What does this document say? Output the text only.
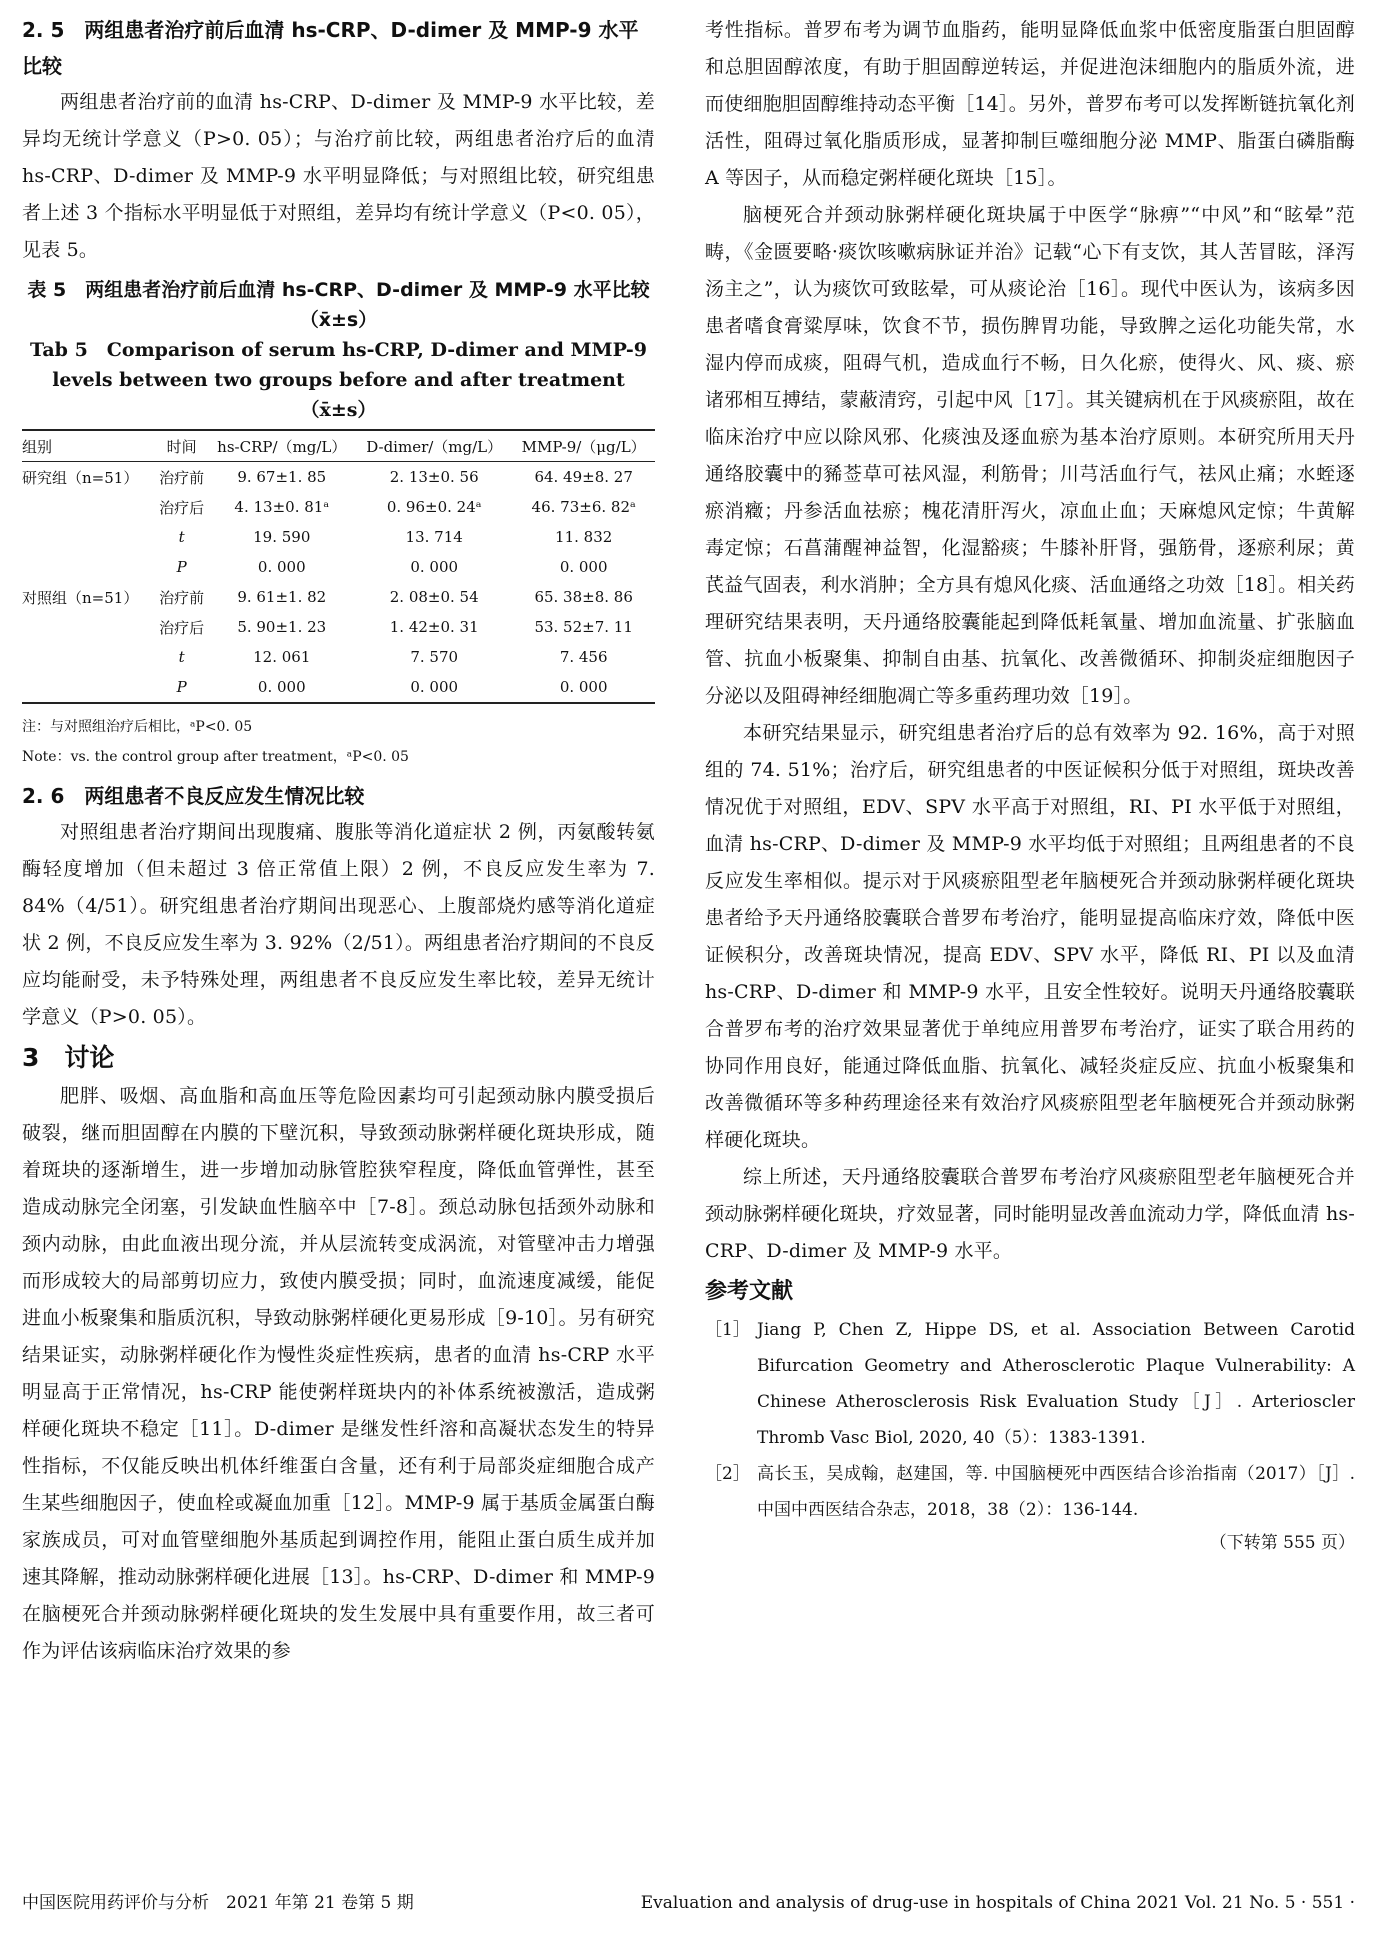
2. 5　两组患者治疗前后血清 hs-CRP、D-dimer 及 MMP-9 水平比较

两组患者治疗前的血清 hs-CRP、D-dimer 及 MMP-9 水平比较，差异均无统计学意义（P>0. 05）；与治疗前比较，两组患者治疗后的血清 hs-CRP、D-dimer 及 MMP-9 水平明显降低；与对照组比较，研究组患者上述 3 个指标水平明显低于对照组，差异均有统计学意义（P<0. 05），见表 5。

表 5　两组患者治疗前后血清 hs-CRP、D-dimer 及 MMP-9 水平比较（x̄±s）

Tab 5　Comparison of serum hs-CRP, D-dimer and MMP-9 levels between two groups before and after treatment（x̄±s）

组别	时间	hs-CRP/（mg/L）	D-dimer/（mg/L）	MMP-9/（μg/L）
研究组（n=51）	治疗前	9. 67±1. 85	2. 13±0. 56	64. 49±8. 27
	治疗后	4. 13±0. 81ᵃ	0. 96±0. 24ᵃ	46. 73±6. 82ᵃ
	t	19. 590	13. 714	11. 832
	P	0. 000	0. 000	0. 000
对照组（n=51）	治疗前	9. 61±1. 82	2. 08±0. 54	65. 38±8. 86
	治疗后	5. 90±1. 23	1. 42±0. 31	53. 52±7. 11
	t	12. 061	7. 570	7. 456
	P	0. 000	0. 000	0. 000

注：与对照组治疗后相比，ᵃP<0. 05

Note：vs. the control group after treatment，ᵃP<0. 05

2. 6　两组患者不良反应发生情况比较

对照组患者治疗期间出现腹痛、腹胀等消化道症状 2 例，丙氨酸转氨酶轻度增加（但未超过 3 倍正常值上限）2 例，不良反应发生率为 7. 84%（4/51）。研究组患者治疗期间出现恶心、上腹部烧灼感等消化道症状 2 例，不良反应发生率为 3. 92%（2/51）。两组患者治疗期间的不良反应均能耐受，未予特殊处理，两组患者不良反应发生率比较，差异无统计学意义（P>0. 05）。

3　讨论

肥胖、吸烟、高血脂和高血压等危险因素均可引起颈动脉内膜受损后破裂，继而胆固醇在内膜的下壁沉积，导致颈动脉粥样硬化斑块形成，随着斑块的逐渐增生，进一步增加动脉管腔狭窄程度，降低血管弹性，甚至造成动脉完全闭塞，引发缺血性脑卒中［7-8］。颈总动脉包括颈外动脉和颈内动脉，由此血液出现分流，并从层流转变成涡流，对管壁冲击力增强而形成较大的局部剪切应力，致使内膜受损；同时，血流速度减缓，能促进血小板聚集和脂质沉积，导致动脉粥样硬化更易形成［9-10］。另有研究结果证实，动脉粥样硬化作为慢性炎症性疾病，患者的血清 hs-CRP 水平明显高于正常情况，hs-CRP 能使粥样斑块内的补体系统被激活，造成粥样硬化斑块不稳定［11］。D-dimer 是继发性纤溶和高凝状态发生的特异性指标，不仅能反映出机体纤维蛋白含量，还有利于局部炎症细胞合成产生某些细胞因子，使血栓或凝血加重［12］。MMP-9 属于基质金属蛋白酶家族成员，可对血管壁细胞外基质起到调控作用，能阻止蛋白质生成并加速其降解，推动动脉粥样硬化进展［13］。hs-CRP、D-dimer 和 MMP-9 在脑梗死合并颈动脉粥样硬化斑块的发生发展中具有重要作用，故三者可作为评估该病临床治疗效果的参

考性指标。普罗布考为调节血脂药，能明显降低血浆中低密度脂蛋白胆固醇和总胆固醇浓度，有助于胆固醇逆转运，并促进泡沫细胞内的脂质外流，进而使细胞胆固醇维持动态平衡［14］。另外，普罗布考可以发挥断链抗氧化剂活性，阻碍过氧化脂质形成，显著抑制巨噬细胞分泌 MMP、脂蛋白磷脂酶 A 等因子，从而稳定粥样硬化斑块［15］。

脑梗死合并颈动脉粥样硬化斑块属于中医学“脉痹”“中风”和“眩晕”范畴，《金匮要略·痰饮咳嗽病脉证并治》记载“心下有支饮，其人苦冒眩，泽泻汤主之”，认为痰饮可致眩晕，可从痰论治［16］。现代中医认为，该病多因患者嗜食膏粱厚味，饮食不节，损伤脾胃功能，导致脾之运化功能失常，水湿内停而成痰，阻碍气机，造成血行不畅，日久化瘀，使得火、风、痰、瘀诸邪相互搏结，蒙蔽清窍，引起中风［17］。其关键病机在于风痰瘀阻，故在临床治疗中应以除风邪、化痰浊及逐血瘀为基本治疗原则。本研究所用天丹通络胶囊中的豨莶草可祛风湿，利筋骨；川芎活血行气，祛风止痛；水蛭逐瘀消癥；丹参活血祛瘀；槐花清肝泻火，凉血止血；天麻熄风定惊；牛黄解毒定惊；石菖蒲醒神益智，化湿豁痰；牛膝补肝肾，强筋骨，逐瘀利尿；黄芪益气固表，利水消肿；全方具有熄风化痰、活血通络之功效［18］。相关药理研究结果表明，天丹通络胶囊能起到降低耗氧量、增加血流量、扩张脑血管、抗血小板聚集、抑制自由基、抗氧化、改善微循环、抑制炎症细胞因子分泌以及阻碍神经细胞凋亡等多重药理功效［19］。

本研究结果显示，研究组患者治疗后的总有效率为 92. 16%，高于对照组的 74. 51%；治疗后，研究组患者的中医证候积分低于对照组，斑块改善情况优于对照组，EDV、SPV 水平高于对照组，RI、PI 水平低于对照组，血清 hs-CRP、D-dimer 及 MMP-9 水平均低于对照组；且两组患者的不良反应发生率相似。提示对于风痰瘀阻型老年脑梗死合并颈动脉粥样硬化斑块患者给予天丹通络胶囊联合普罗布考治疗，能明显提高临床疗效，降低中医证候积分，改善斑块情况，提高 EDV、SPV 水平，降低 RI、PI 以及血清 hs-CRP、D-dimer 和 MMP-9 水平，且安全性较好。说明天丹通络胶囊联合普罗布考的治疗效果显著优于单纯应用普罗布考治疗，证实了联合用药的协同作用良好，能通过降低血脂、抗氧化、减轻炎症反应、抗血小板聚集和改善微循环等多种药理途径来有效治疗风痰瘀阻型老年脑梗死合并颈动脉粥样硬化斑块。

综上所述，天丹通络胶囊联合普罗布考治疗风痰瘀阻型老年脑梗死合并颈动脉粥样硬化斑块，疗效显著，同时能明显改善血流动力学，降低血清 hs-CRP、D-dimer 及 MMP-9 水平。

参考文献

［1］ Jiang P, Chen Z, Hippe DS, et al. Association Between Carotid Bifurcation Geometry and Atherosclerotic Plaque Vulnerability: A Chinese Atherosclerosis Risk Evaluation Study［J］. Arterioscler Thromb Vasc Biol, 2020, 40（5）：1383-1391.
［2］ 高长玉，吴成翰，赵建国，等. 中国脑梗死中西医结合诊治指南（2017）［J］. 中国中西医结合杂志，2018，38（2）：136-144.

（下转第 555 页）

中国医院用药评价与分析　2021 年第 21 卷第 5 期	Evaluation and analysis of drug-use in hospitals of China 2021 Vol. 21 No. 5 · 551 ·
